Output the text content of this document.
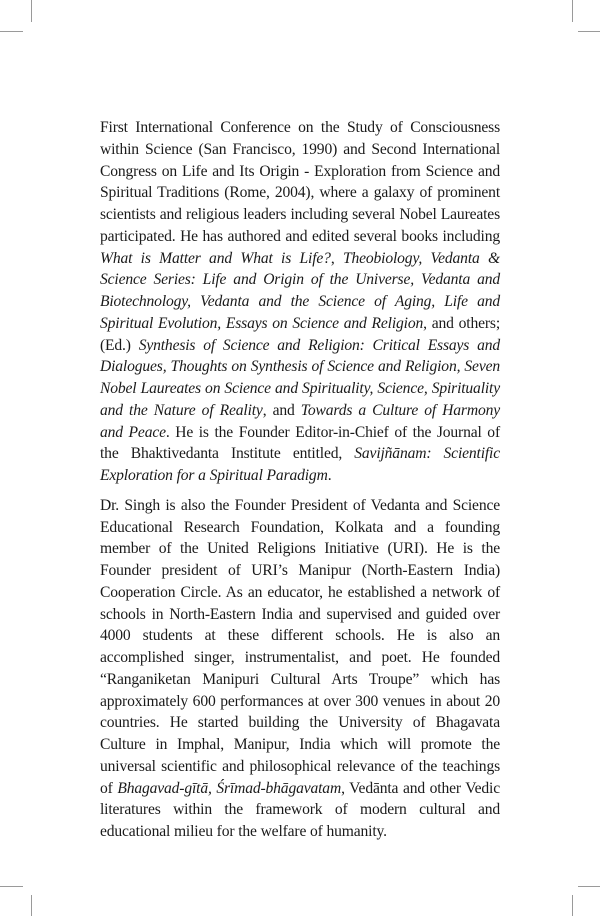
First International Conference on the Study of Consciousness within Science (San Francisco, 1990) and Second International Congress on Life and Its Origin - Exploration from Science and Spiritual Traditions (Rome, 2004), where a galaxy of prominent scientists and religious leaders including several Nobel Laureates participated. He has authored and edited several books including What is Matter and What is Life?, Theobiology, Vedanta & Science Series: Life and Origin of the Universe, Vedanta and Biotechnology, Vedanta and the Science of Aging, Life and Spiritual Evolution, Essays on Science and Religion, and others; (Ed.) Synthesis of Science and Religion: Critical Essays and Dialogues, Thoughts on Synthesis of Science and Religion, Seven Nobel Laureates on Science and Spirituality, Science, Spirituality and the Nature of Reality, and Towards a Culture of Harmony and Peace. He is the Founder Editor-in-Chief of the Journal of the Bhaktivedanta Institute entitled, Savijñānam: Scientific Exploration for a Spiritual Paradigm.

Dr. Singh is also the Founder President of Vedanta and Science Educational Research Foundation, Kolkata and a founding member of the United Religions Initiative (URI). He is the Founder president of URI’s Manipur (North-Eastern India) Cooperation Circle. As an educator, he established a network of schools in North-Eastern India and supervised and guided over 4000 students at these different schools. He is also an accomplished singer, instrumentalist, and poet. He founded “Ranganiketan Manipuri Cultural Arts Troupe” which has approximately 600 performances at over 300 venues in about 20 countries. He started building the University of Bhagavata Culture in Imphal, Manipur, India which will promote the universal scientific and philosophical relevance of the teachings of Bhagavad-gītā, Śrīmad-bhāgavatam, Vedānta and other Vedic literatures within the framework of modern cultural and educational milieu for the welfare of humanity.
